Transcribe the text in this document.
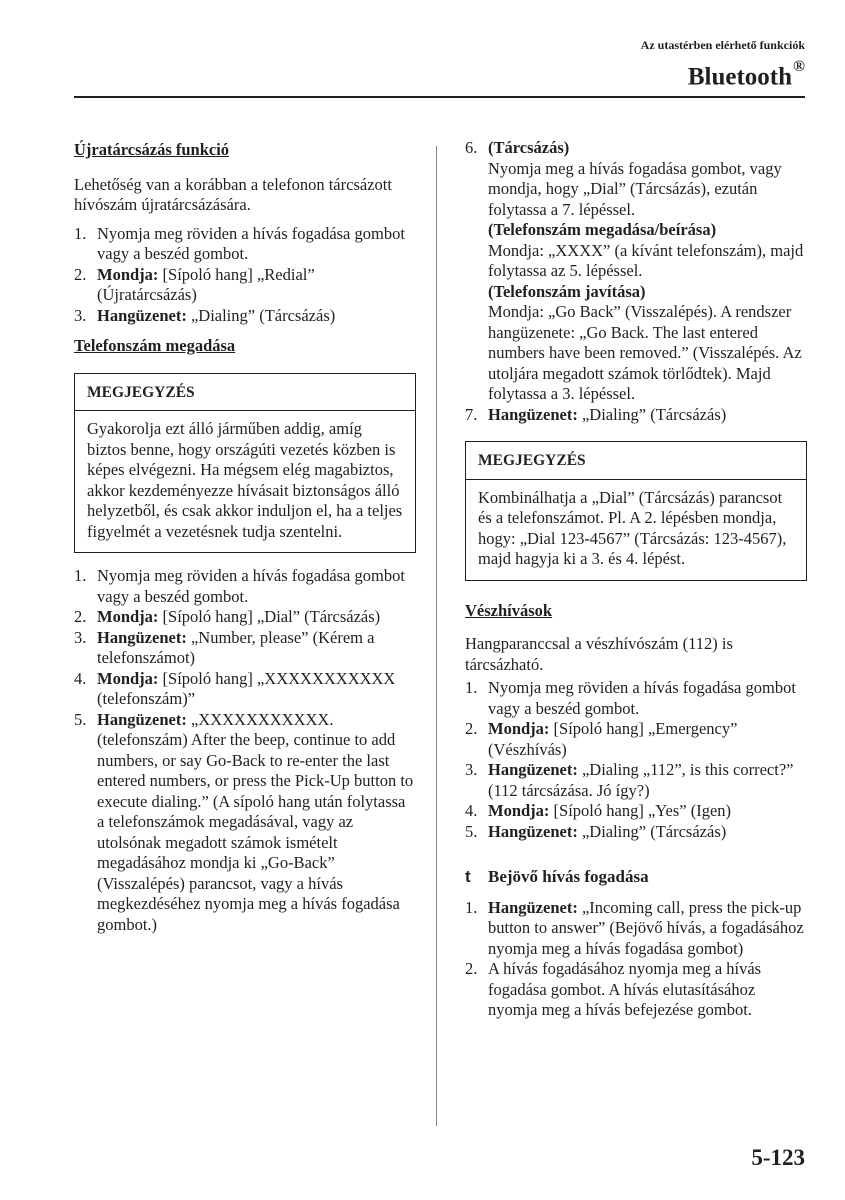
Az utastérben elérhető funkciók
Bluetooth®

Újratárcsázás funkció

Lehetőség van a korábban a telefonon tárcsázott hívószám újratárcsázására.

1. Nyomja meg röviden a hívás fogadása gombot vagy a beszéd gombot.
2. Mondja: [Sípoló hang] „Redial” (Újratárcsázás)
3. Hangüzenet: „Dialing” (Tárcsázás)

Telefonszám megadása

MEGJEGYZÉS
Gyakorolja ezt álló járműben addig, amíg biztos benne, hogy országúti vezetés közben is képes elvégezni. Ha mégsem elég magabiztos, akkor kezdeményezze hívásait biztonságos álló helyzetből, és csak akkor induljon el, ha a teljes figyelmét a vezetésnek tudja szentelni.
1. Nyomja meg röviden a hívás fogadása gombot vagy a beszéd gombot.
2. Mondja: [Sípoló hang] „Dial” (Tárcsázás)
3. Hangüzenet: „Number, please” (Kérem a telefonszámot)
4. Mondja: [Sípoló hang] „XXXXXXXXXXX (telefonszám)”
5. Hangüzenet: „XXXXXXXXXXX. (telefonszám) After the beep, continue to add numbers, or say Go-Back to re-enter the last entered numbers, or press the Pick-Up button to execute dialing.” (A sípoló hang után folytassa a telefonszámok megadásával, vagy az utolsónak megadott számok ismételt megadásához mondja ki „Go-Back” (Visszalépés) parancsot, vagy a hívás megkezdéséhez nyomja meg a hívás fogadása gombot.)
6. (Tárcsázás)
Nyomja meg a hívás fogadása gombot, vagy mondja, hogy „Dial” (Tárcsázás), ezután folytassa a 7. lépéssel.
(Telefonszám megadása/beírása)
Mondja: „XXXX” (a kívánt telefonszám), majd folytassa az 5. lépéssel.
(Telefonszám javítása)
Mondja: „Go Back” (Visszalépés). A rendszer hangüzenete: „Go Back. The last entered numbers have been removed.” (Visszalépés. Az utoljára megadott számok törlődtek). Majd folytassa a 3. lépéssel.
7. Hangüzenet: „Dialing” (Tárcsázás)
MEGJEGYZÉS
Kombinálhatja a „Dial” (Tárcsázás) parancsot és a telefonszámot. Pl. A 2. lépésben mondja, hogy: „Dial 123-4567” (Tárcsázás: 123-4567), majd hagyja ki a 3. és 4. lépést.

Vészhívások

Hangparanccsal a vészhívószám (112) is tárcsázható.

1. Nyomja meg röviden a hívás fogadása gombot vagy a beszéd gombot.
2. Mondja: [Sípoló hang] „Emergency” (Vészhívás)
3. Hangüzenet: „Dialing „112”, is this correct?” (112 tárcsázása. Jó így?)
4. Mondja: [Sípoló hang] „Yes” (Igen)
5. Hangüzenet: „Dialing” (Tárcsázás)
t	Bejövő hívás fogadása
1. Hangüzenet: „Incoming call, press the pick-up button to answer” (Bejövő hívás, a fogadásához nyomja meg a hívás fogadása gombot)
2. A hívás fogadásához nyomja meg a hívás fogadása gombot. A hívás elutasításához nyomja meg a hívás befejezése gombot.
5-123
